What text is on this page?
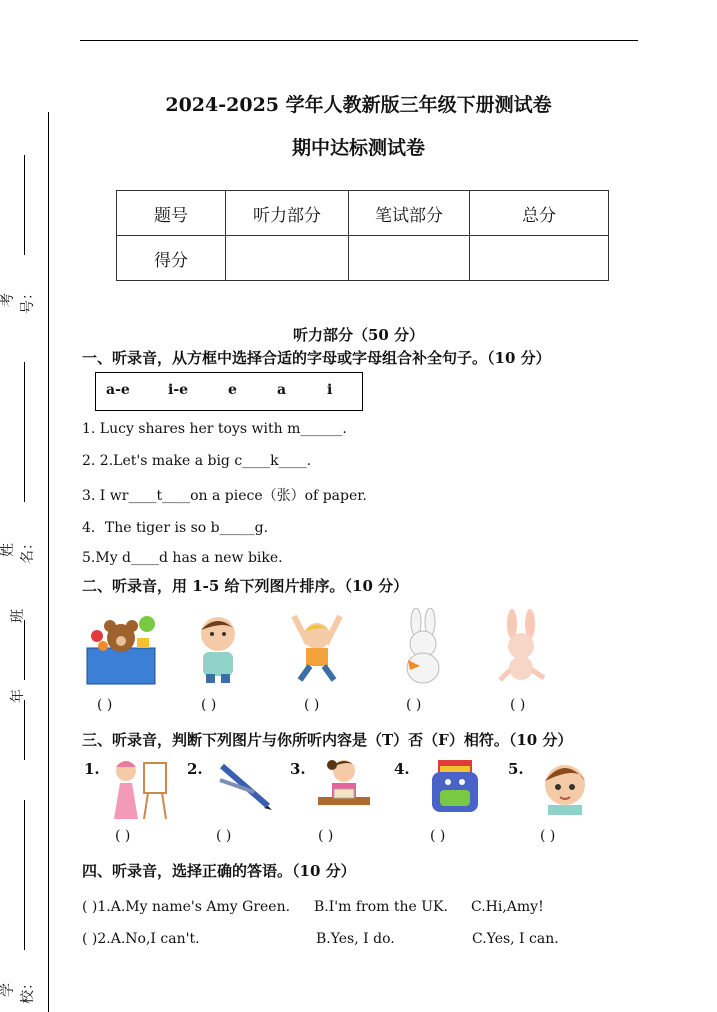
考号：
姓名：
班
年
学校：
2024-2025 学年人教新版三年级下册测试卷
期中达标测试卷
题号	听力部分	笔试部分	总分
得分			
听力部分（50 分）
一、听录音，从方框中选择合适的字母或字母组合补全句子。（10 分）
a-e	i-e	e	a	i
1. Lucy shares her toys with m______.
2. 2.Let's make a big c____k____.
3. I wr____t____on a piece（张）of paper.
4．The tiger is so b_____g.
5.My d____d has a new bike.
二、听录音，用 1-5 给下列图片排序。（10 分）
( )	( )	( )	( )	( )
三、听录音，判断下列图片与你所听内容是（T）否（F）相符。（10 分）
1.	2.	3.	4.	5.
( )	( )	( )	( )	( )
四、听录音，选择正确的答语。（10 分）
( )1.A.My name's Amy Green. B.I'm from the UK. C.Hi,Amy!
( )2.A.No,I can't.	B.Yes, I do.	C.Yes, I can.
